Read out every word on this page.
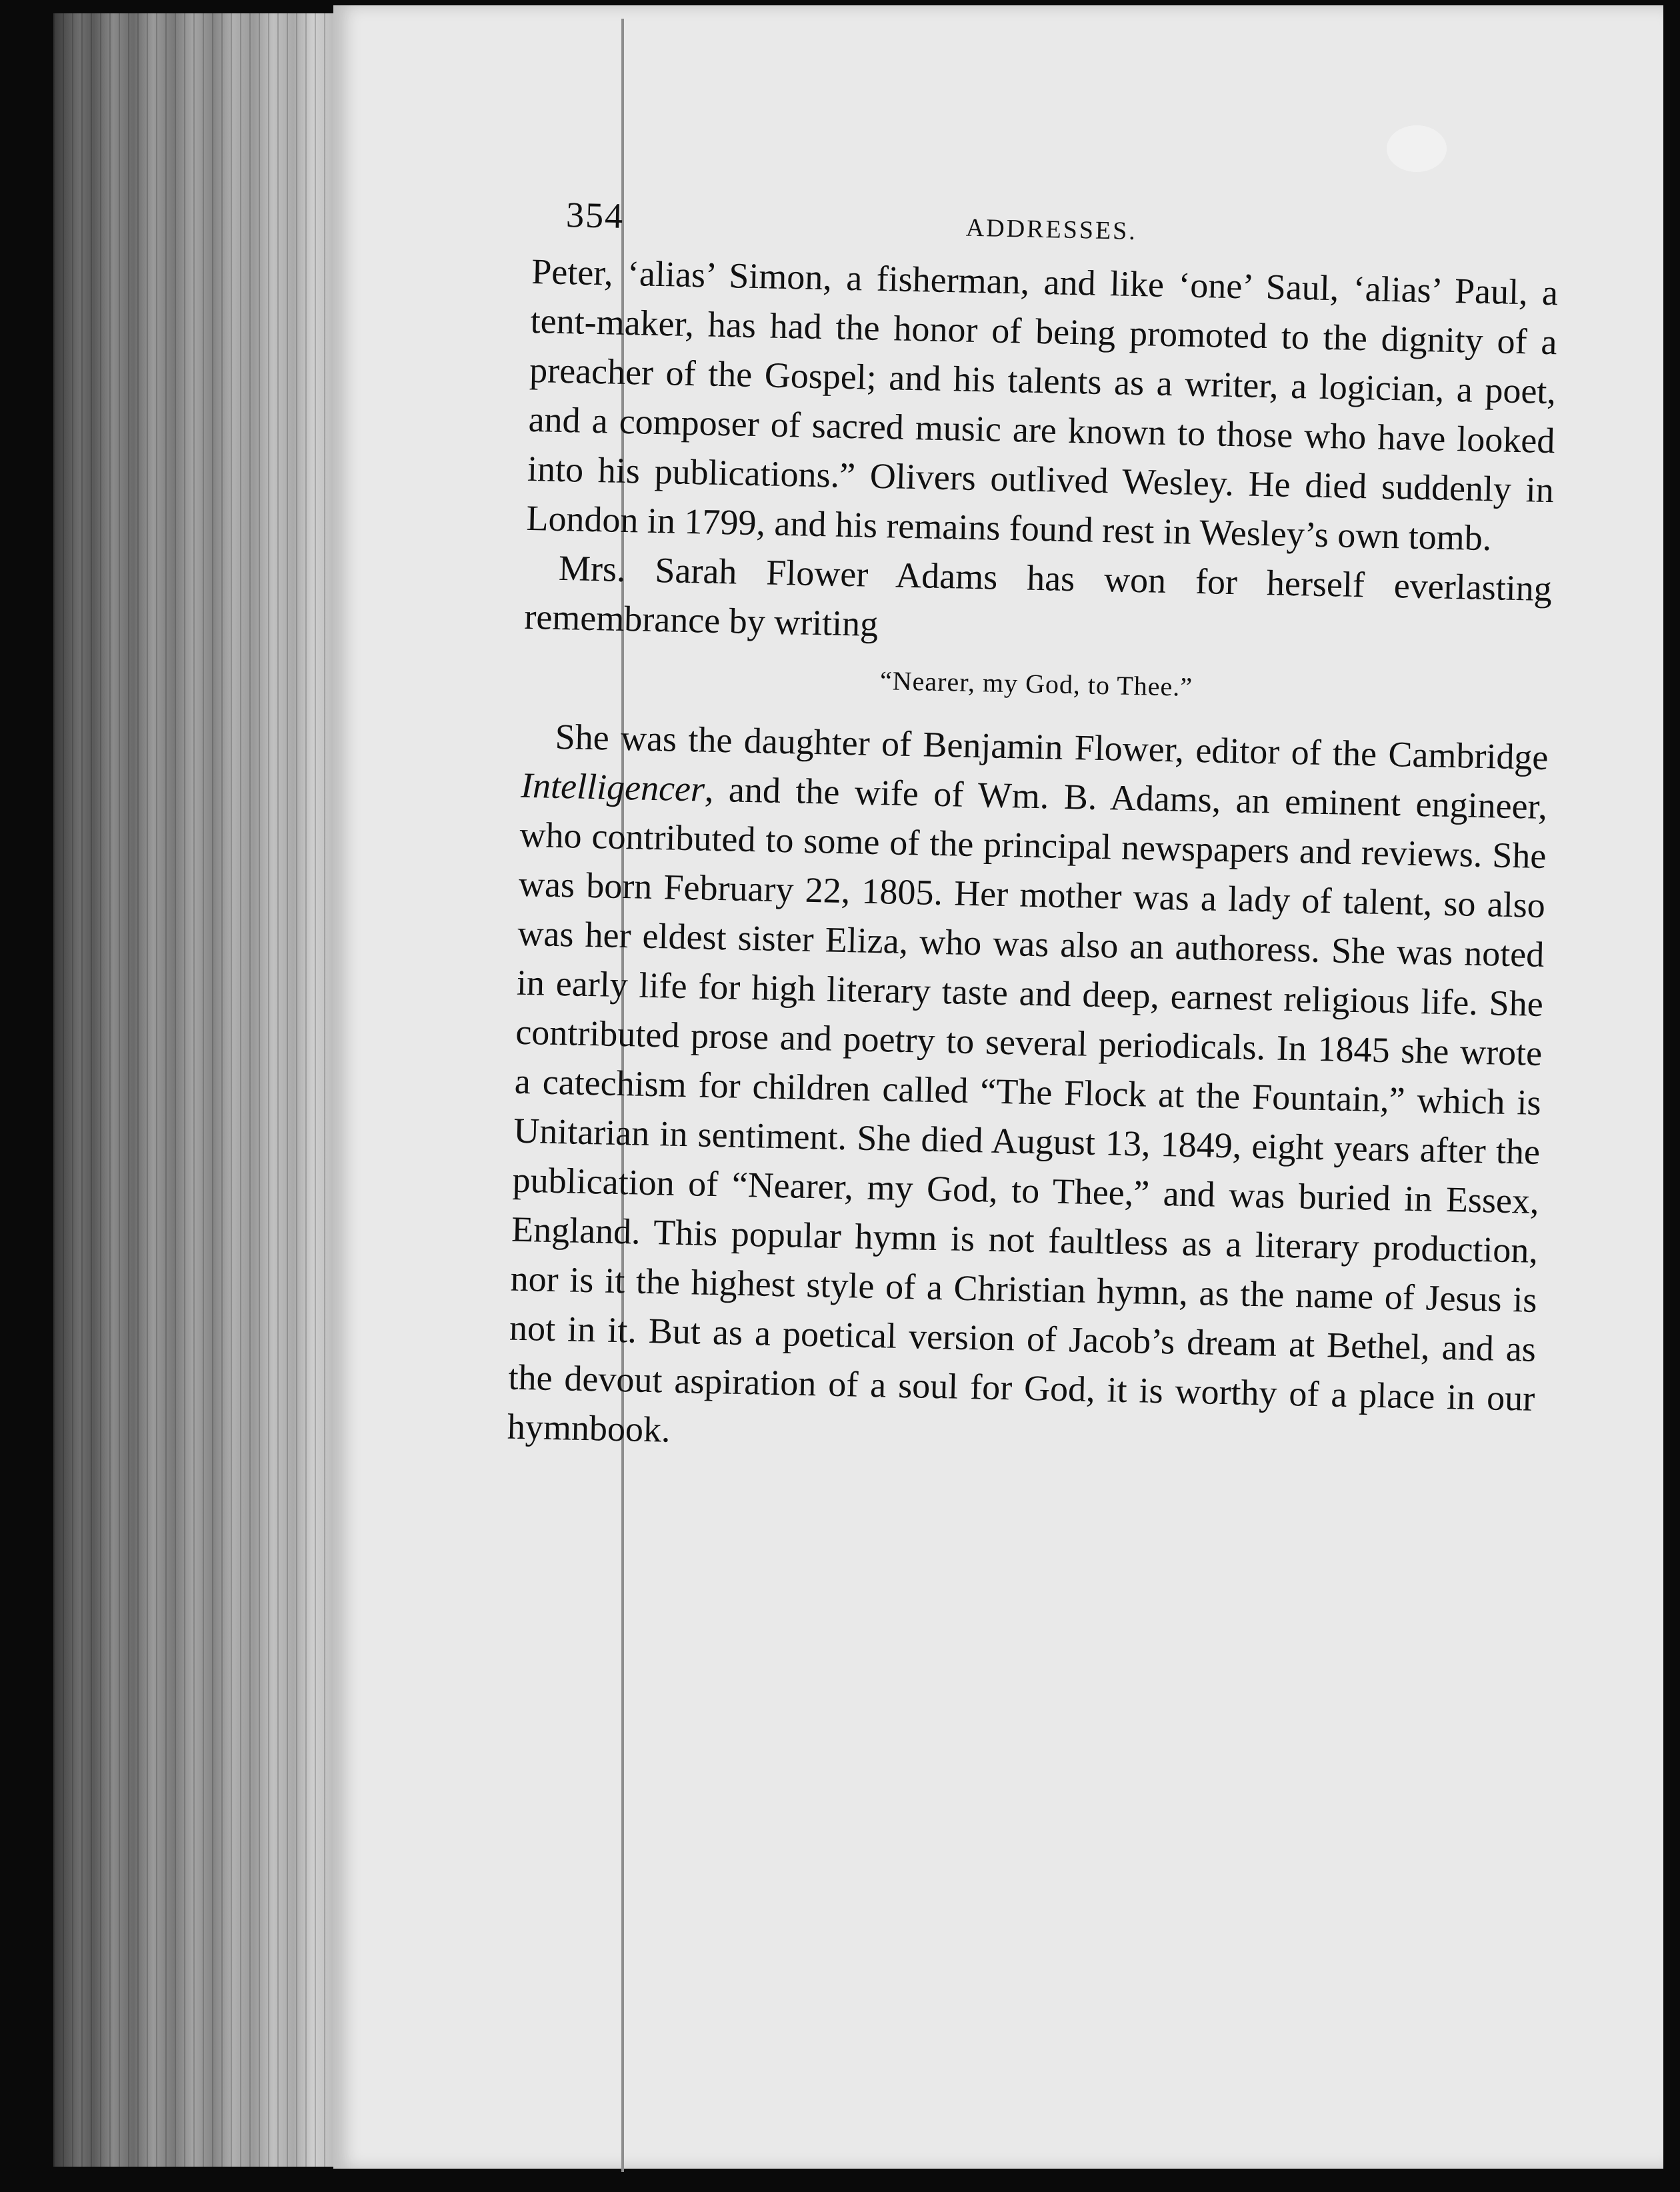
354	ADDRESSES.

Peter, ‘alias’ Simon, a fisherman, and like ‘one’ Saul, ‘alias’ Paul, a tent-maker, has had the honor of being promoted to the dignity of a preacher of the Gospel; and his talents as a writer, a logician, a poet, and a composer of sacred music are known to those who have looked into his publications.” Olivers outlived Wesley. He died suddenly in London in 1799, and his remains found rest in Wesley’s own tomb.

Mrs. Sarah Flower Adams has won for herself everlasting remembrance by writing

“Nearer, my God, to Thee.”

She was the daughter of Benjamin Flower, editor of the Cambridge Intelligencer, and the wife of Wm. B. Adams, an eminent engineer, who contributed to some of the principal newspapers and reviews. She was born February 22, 1805. Her mother was a lady of talent, so also was her eldest sister Eliza, who was also an authoress. She was noted in early life for high literary taste and deep, earnest religious life. She contributed prose and poetry to several periodicals. In 1845 she wrote a catechism for children called “The Flock at the Fountain,” which is Unitarian in sentiment. She died August 13, 1849, eight years after the publication of “Nearer, my God, to Thee,” and was buried in Essex, England. This popular hymn is not faultless as a literary production, nor is it the highest style of a Christian hymn, as the name of Jesus is not in it. But as a poetical version of Jacob’s dream at Bethel, and as the devout aspiration of a soul for God, it is worthy of a place in our hymnbook.
